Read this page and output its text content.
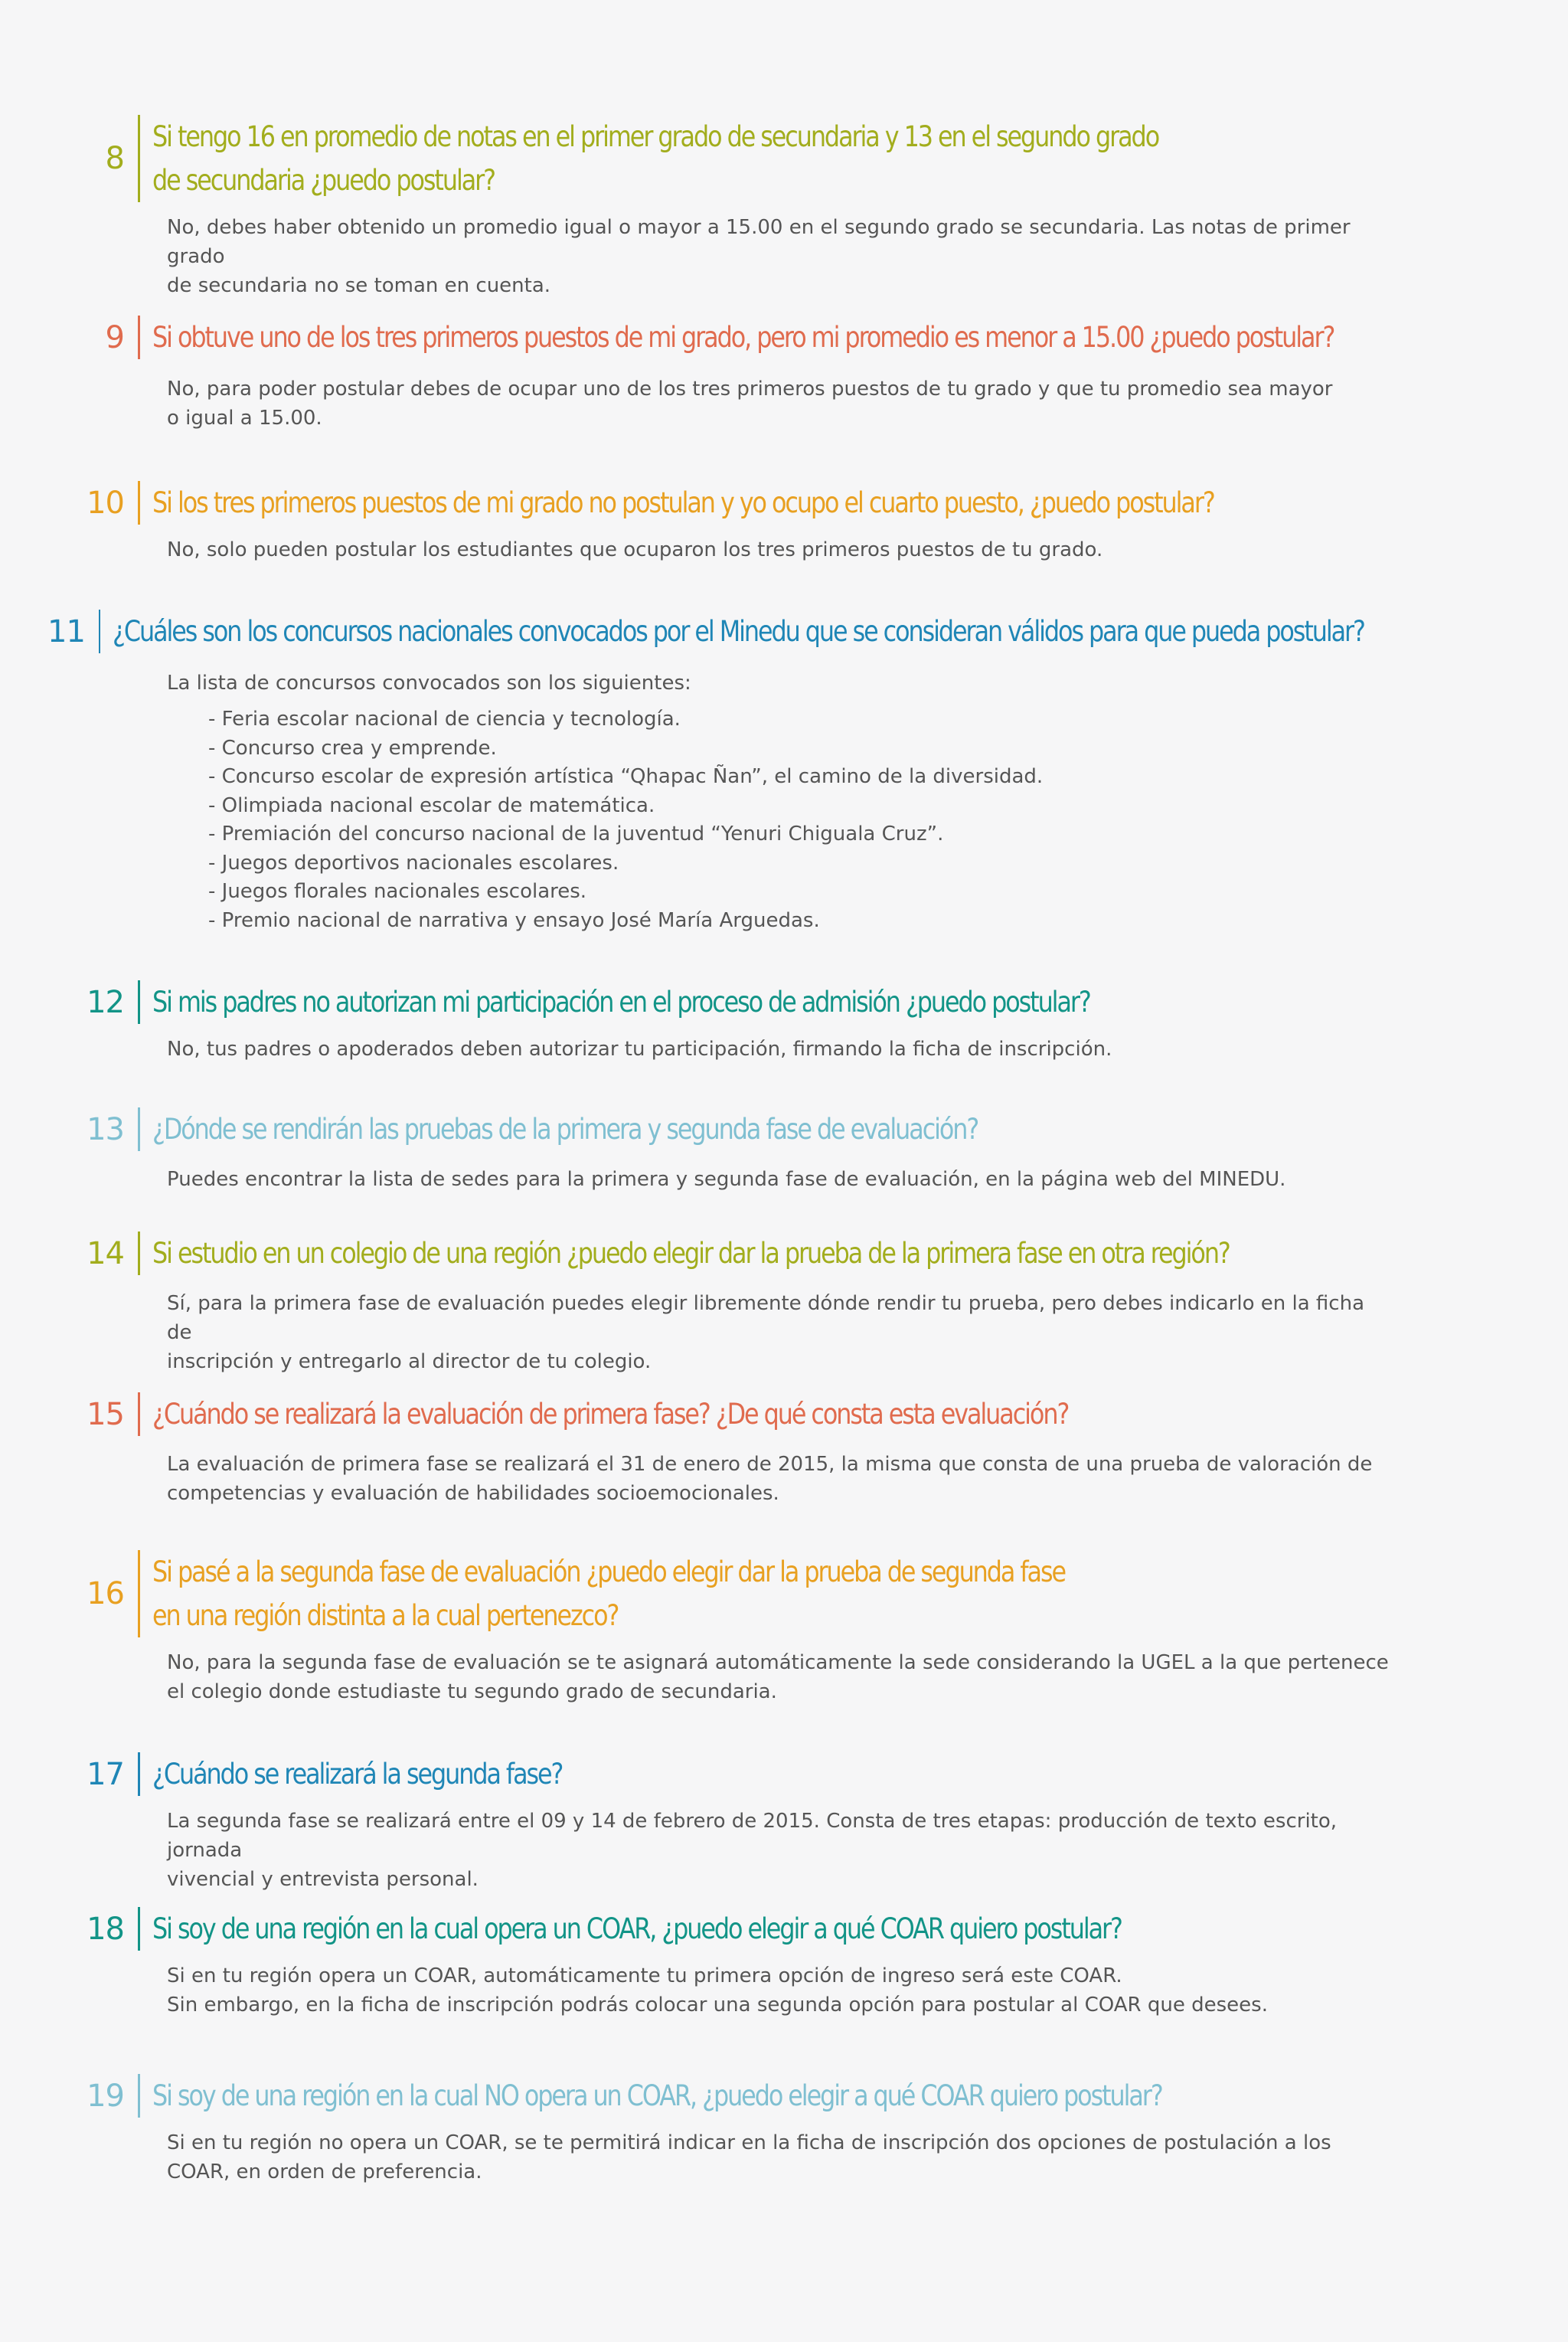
8
Si tengo 16 en promedio de notas en el primer grado de secundaria y 13 en el segundo grado
de secundaria ¿puedo postular?

No, debes haber obtenido un promedio igual o mayor a 15.00 en el segundo grado se secundaria. Las notas de primer grado

de secundaria no se toman en cuenta.

9	Si obtuve uno de los tres primeros puestos de mi grado, pero mi promedio es menor a 15.00 ¿puedo postular?

No, para poder postular debes de ocupar uno de los tres primeros puestos de tu grado y que tu promedio sea mayor

o igual a 15.00.

10	Si los tres primeros puestos de mi grado no postulan y yo ocupo el cuarto puesto, ¿puedo postular?

No, solo pueden postular los estudiantes que ocuparon los tres primeros puestos de tu grado.

11 ¿Cuáles son los concursos nacionales convocados por el Minedu que se consideran válidos para que pueda postular?

La lista de concursos convocados son los siguientes:

- Feria escolar nacional de ciencia y tecnología.
- Concurso crea y emprende.
- Concurso escolar de expresión artística “Qhapac Ñan”, el camino de la diversidad.
- Olimpiada nacional escolar de matemática.
- Premiación del concurso nacional de la juventud “Yenuri Chiguala Cruz”.
- Juegos deportivos nacionales escolares.
- Juegos florales nacionales escolares.
- Premio nacional de narrativa y ensayo José María Arguedas.
12	Si mis padres no autorizan mi participación en el proceso de admisión ¿puedo postular?

No, tus padres o apoderados deben autorizar tu participación, firmando la ficha de inscripción.

13	¿Dónde se rendirán las pruebas de la primera y segunda fase de evaluación?

Puedes encontrar la lista de sedes para la primera y segunda fase de evaluación, en la página web del MINEDU.

14	Si estudio en un colegio de una región ¿puedo elegir dar la prueba de la primera fase en otra región?

Sí, para la primera fase de evaluación puedes elegir libremente dónde rendir tu prueba, pero debes indicarlo en la ficha de

inscripción y entregarlo al director de tu colegio.

15	¿Cuándo se realizará la evaluación de primera fase? ¿De qué consta esta evaluación?

La evaluación de primera fase se realizará el 31 de enero de 2015, la misma que consta de una prueba de valoración de

competencias y evaluación de habilidades socioemocionales.

16
Si pasé a la segunda fase de evaluación ¿puedo elegir dar la prueba de segunda fase
en una región distinta a la cual pertenezco?

No, para la segunda fase de evaluación se te asignará automáticamente la sede considerando la UGEL a la que pertenece

el colegio donde estudiaste tu segundo grado de secundaria.

17	¿Cuándo se realizará la segunda fase?

La segunda fase se realizará entre el 09 y 14 de febrero de 2015. Consta de tres etapas: producción de texto escrito, jornada

vivencial y entrevista personal.

18	Si soy de una región en la cual opera un COAR, ¿puedo elegir a qué COAR quiero postular?

Si en tu región opera un COAR, automáticamente tu primera opción de ingreso será este COAR.

Sin embargo, en la ficha de inscripción podrás colocar una segunda opción para postular al COAR que desees.

19	Si soy de una región en la cual NO opera un COAR, ¿puedo elegir a qué COAR quiero postular?

Si en tu región no opera un COAR, se te permitirá indicar en la ficha de inscripción dos opciones de postulación a los

COAR, en orden de preferencia.
